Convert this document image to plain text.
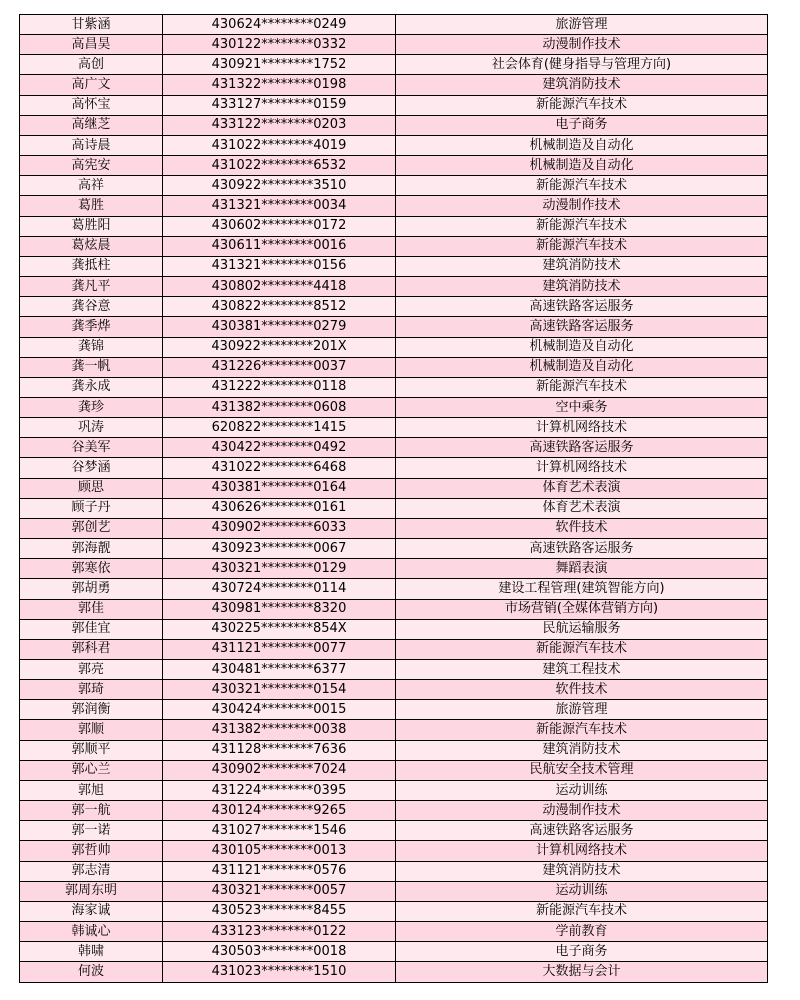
甘紫涵	430624********0249	旅游管理
高昌昊	430122********0332	动漫制作技术
高创	430921********1752	社会体育(健身指导与管理方向)
高广文	431322********0198	建筑消防技术
高怀宝	433127********0159	新能源汽车技术
高继芝	433122********0203	电子商务
高诗晨	431022********4019	机械制造及自动化
高宪安	431022********6532	机械制造及自动化
高祥	430922********3510	新能源汽车技术
葛胜	431321********0034	动漫制作技术
葛胜阳	430602********0172	新能源汽车技术
葛炫晨	430611********0016	新能源汽车技术
龚抵柱	431321********0156	建筑消防技术
龚凡平	430802********4418	建筑消防技术
龚谷意	430822********8512	高速铁路客运服务
龚季烨	430381********0279	高速铁路客运服务
龚锦	430922********201X	机械制造及自动化
龚一帆	431226********0037	机械制造及自动化
龚永成	431222********0118	新能源汽车技术
龚珍	431382********0608	空中乘务
巩涛	620822********1415	计算机网络技术
谷美军	430422********0492	高速铁路客运服务
谷梦涵	431022********6468	计算机网络技术
顾思	430381********0164	体育艺术表演
顾子丹	430626********0161	体育艺术表演
郭创艺	430902********6033	软件技术
郭海靓	430923********0067	高速铁路客运服务
郭寒依	430321********0129	舞蹈表演
郭胡勇	430724********0114	建设工程管理(建筑智能方向)
郭佳	430981********8320	市场营销(全媒体营销方向)
郭佳宜	430225********854X	民航运输服务
郭科君	431121********0077	新能源汽车技术
郭亮	430481********6377	建筑工程技术
郭琦	430321********0154	软件技术
郭润衡	430424********0015	旅游管理
郭顺	431382********0038	新能源汽车技术
郭顺平	431128********7636	建筑消防技术
郭心兰	430902********7024	民航安全技术管理
郭旭	431224********0395	运动训练
郭一航	430124********9265	动漫制作技术
郭一诺	431027********1546	高速铁路客运服务
郭哲帅	430105********0013	计算机网络技术
郭志清	431121********0576	建筑消防技术
郭周东明	430321********0057	运动训练
海家诚	430523********8455	新能源汽车技术
韩诚心	433123********0122	学前教育
韩啸	430503********0018	电子商务
何波	431023********1510	大数据与会计
